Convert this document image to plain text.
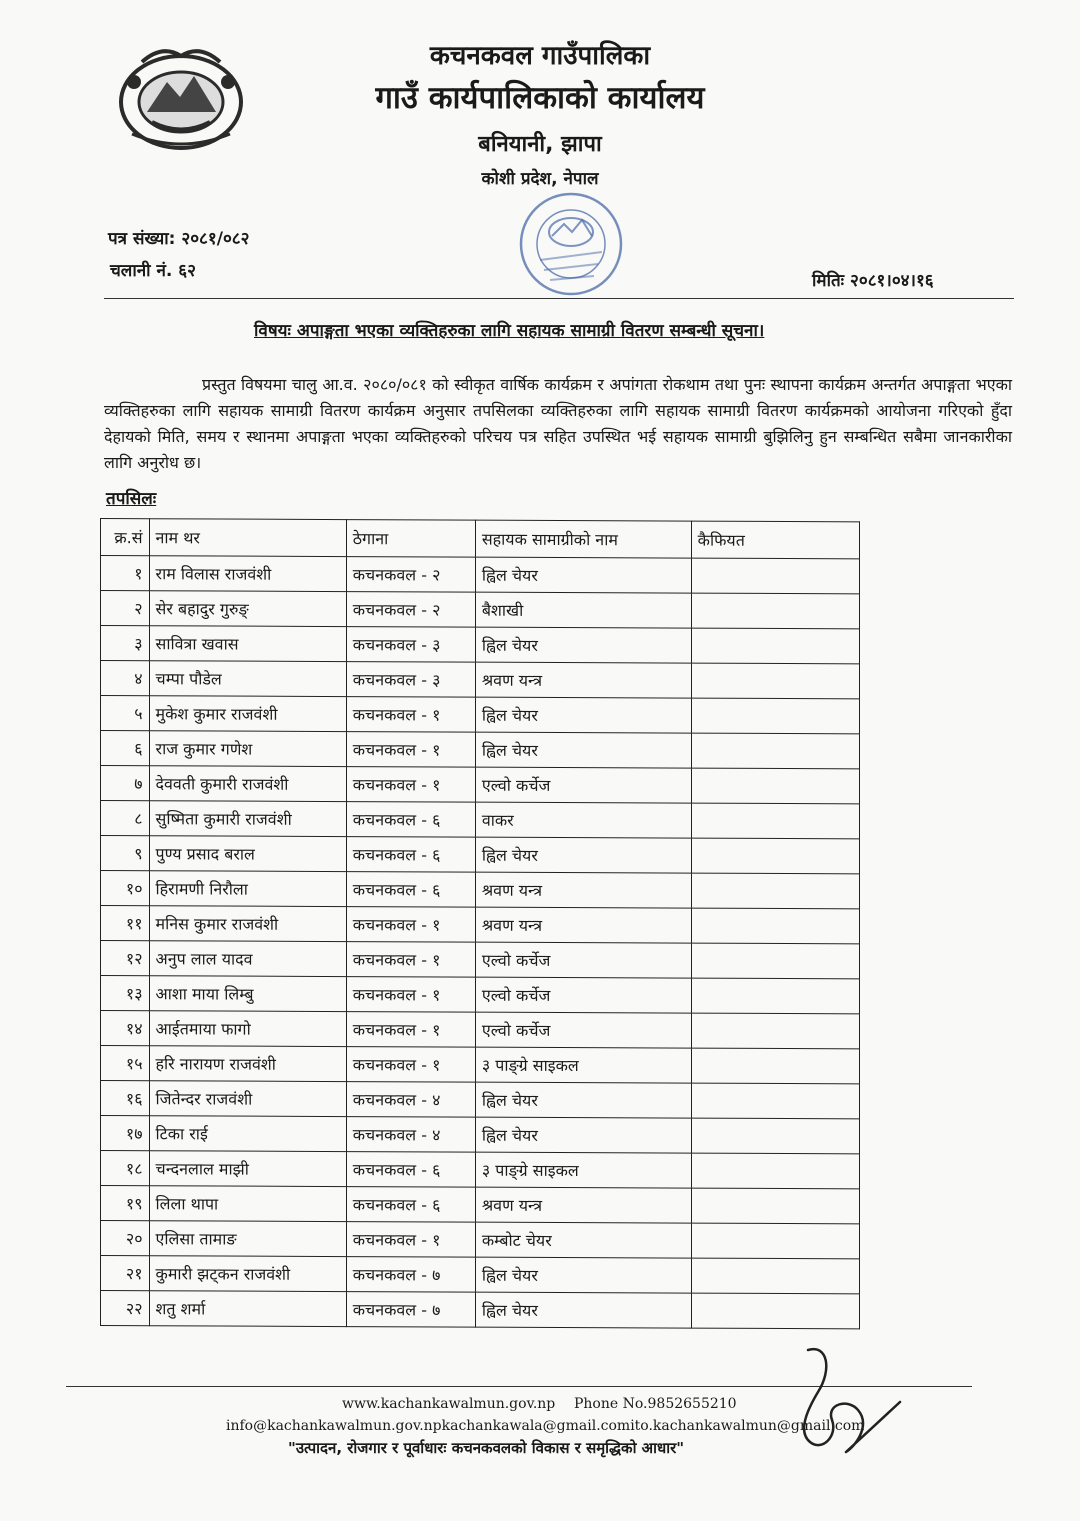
कचनकवल गाउँपालिका
गाउँ कार्यपालिकाको कार्यालय
बनियानी, झापा
कोशी प्रदेश, नेपाल
पत्र संख्या: २०८१/०८२
चलानी नं. ६२	मितिः २०८१।०४।१६
विषयः अपाङ्गता भएका व्यक्तिहरुका लागि सहायक सामाग्री वितरण सम्बन्धी सूचना।

प्रस्तुत विषयमा चालु आ.व. २०८०/०८१ को स्वीकृत वार्षिक कार्यक्रम र अपांगता रोकथाम तथा पुनः स्थापना कार्यक्रम अन्तर्गत अपाङ्गता भएका व्यक्तिहरुका लागि सहायक सामाग्री वितरण कार्यक्रम अनुसार तपसिलका व्यक्तिहरुका लागि सहायक सामाग्री वितरण कार्यक्रमको आयोजना गरिएको हुँदा देहायको मिति, समय र स्थानमा अपाङ्गता भएका व्यक्तिहरुको परिचय पत्र सहित उपस्थित भई सहायक सामाग्री बुझिलिनु हुन सम्बन्धित सबैमा जानकारीका लागि अनुरोध छ।

तपसिलः
क्र.सं	नाम थर	ठेगाना	सहायक सामाग्रीको नाम	कैफियत
१	राम विलास राजवंशी	कचनकवल - २	ह्विल चेयर	
२	सेर बहादुर गुरुङ्	कचनकवल - २	बैशाखी	
३	सावित्रा खवास	कचनकवल - ३	ह्विल चेयर	
४	चम्पा पौडेल	कचनकवल - ३	श्रवण यन्त्र	
५	मुकेश कुमार राजवंशी	कचनकवल - १	ह्विल चेयर	
६	राज कुमार गणेश	कचनकवल - १	ह्विल चेयर	
७	देववती कुमारी राजवंशी	कचनकवल - १	एल्वो कर्चेज	
८	सुष्मिता कुमारी राजवंशी	कचनकवल - ६	वाकर	
९	पुण्य प्रसाद बराल	कचनकवल - ६	ह्विल चेयर	
१०	हिरामणी निरौला	कचनकवल - ६	श्रवण यन्त्र	
११	मनिस कुमार राजवंशी	कचनकवल - १	श्रवण यन्त्र	
१२	अनुप लाल यादव	कचनकवल - १	एल्वो कर्चेज	
१३	आशा माया लिम्बु	कचनकवल - १	एल्वो कर्चेज	
१४	आईतमाया फागो	कचनकवल - १	एल्वो कर्चेज	
१५	हरि नारायण राजवंशी	कचनकवल - १	३ पाङ्ग्रे साइकल	
१६	जितेन्दर राजवंशी	कचनकवल - ४	ह्विल चेयर	
१७	टिका राई	कचनकवल - ४	ह्विल चेयर	
१८	चन्दनलाल माझी	कचनकवल - ६	३ पाङ्ग्रे साइकल	
१९	लिला थापा	कचनकवल - ६	श्रवण यन्त्र	
२०	एलिसा तामाङ	कचनकवल - १	कम्बोट चेयर	
२१	कुमारी झट्कन राजवंशी	कचनकवल - ७	ह्विल चेयर	
२२	शतु शर्मा	कचनकवल - ७	ह्विल चेयर	
www.kachankawalmun.gov.np Phone No.9852655210
info@kachankawalmun.gov.npkachankawala@gmail.comito.kachankawalmun@gmail.com
"उत्पादन, रोजगार र पूर्वाधारः कचनकवलको विकास र समृद्धिको आधार"
